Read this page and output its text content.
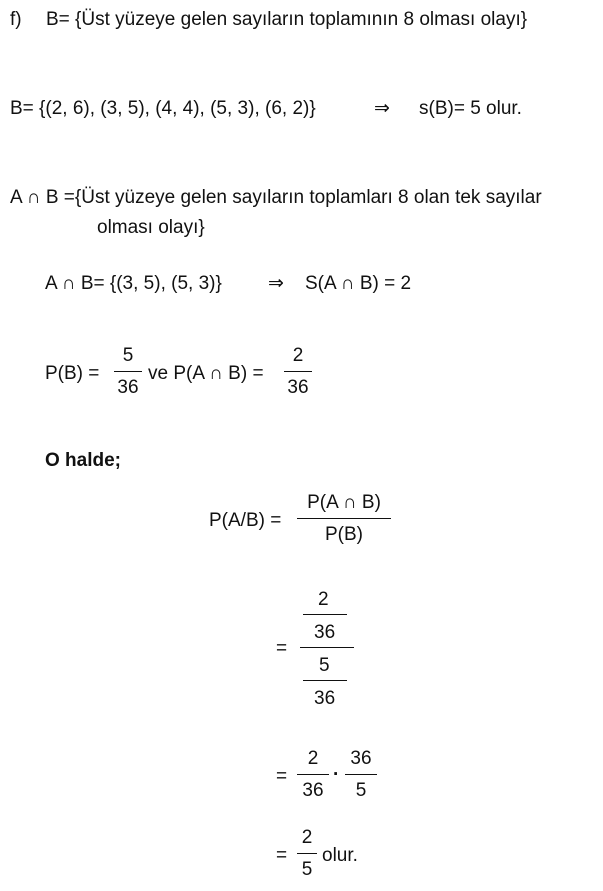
f) B= {Üst yüzeye gelen sayıların toplamının 8 olması olayı}
B= {(2, 6), (3, 5), (4, 4), (5, 3), (6, 2)}	⇒ s(B)= 5 olur.
A ∩ B ={Üst yüzeye gelen sayıların toplamları 8 olan tek sayılar
olması olayı}
A ∩ B= {(3, 5), (5, 3)} ⇒ S(A ∩ B) = 2
P(B) =
5
36
ve P(A ∩ B) =
2
36
O halde;
P(A/B) =
P(A ∩ B)
P(B)
=
2
36
5
36
=
2
36
·
36
5
=
2
5
olur.
